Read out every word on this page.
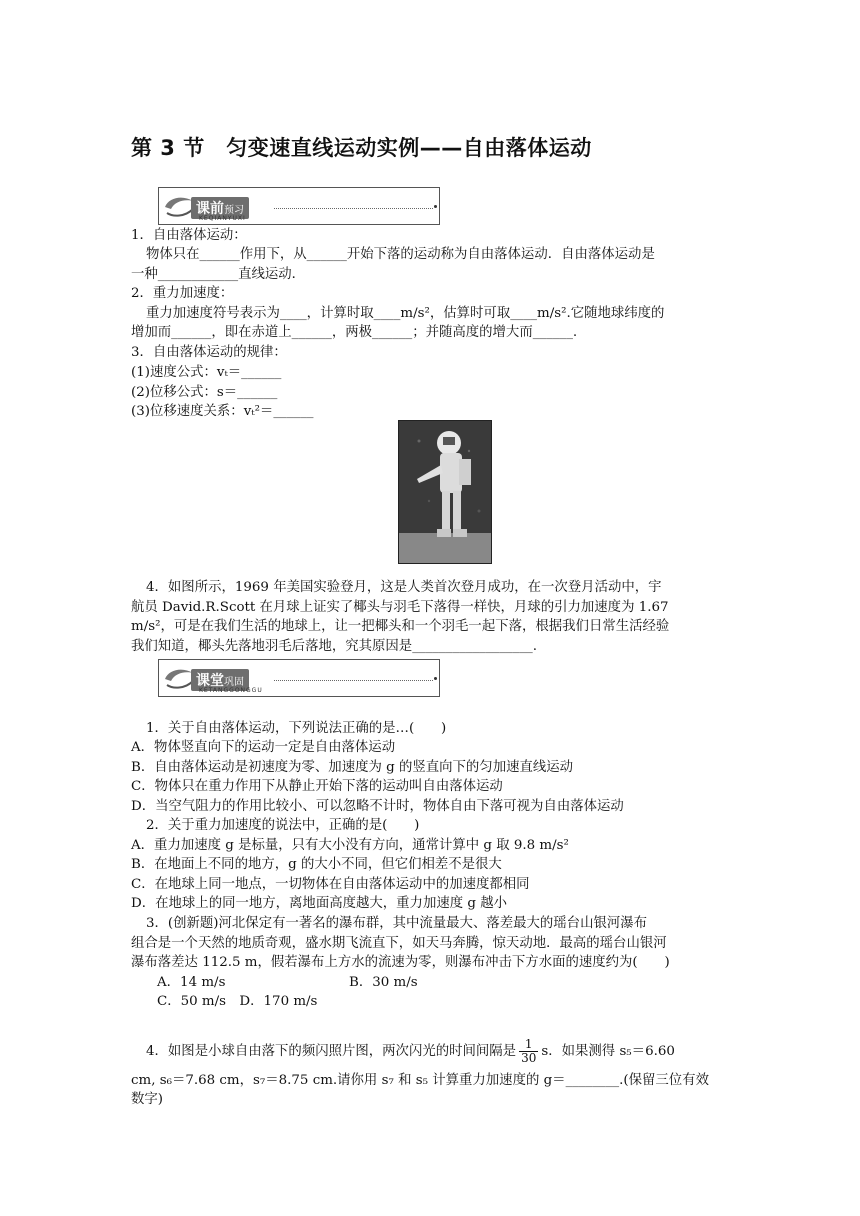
第 3 节　匀变速直线运动实例——自由落体运动
课前预习
KEQIANYUXI
1．自由落体运动：
物体只在______作用下，从______开始下落的运动称为自由落体运动．自由落体运动是
一种____________直线运动．
2．重力加速度：
重力加速度符号表示为____，计算时取____m/s²，估算时可取____m/s².它随地球纬度的
增加而______，即在赤道上______，两极______；并随高度的增大而______.
3．自由落体运动的规律：
(1)速度公式：vₜ＝______
(2)位移公式：s＝______
(3)位移速度关系：vₜ²＝______
4．如图所示，1969 年美国实验登月，这是人类首次登月成功，在一次登月活动中，宇
航员 David.R.Scott 在月球上证实了椰头与羽毛下落得一样快，月球的引力加速度为 1.67
m/s²，可是在我们生活的地球上，让一把椰头和一个羽毛一起下落，根据我们日常生活经验
我们知道，椰头先落地羽毛后落地，究其原因是__________________.
课堂巩固
KETANGGONGGU
1．关于自由落体运动，下列说法正确的是…(　　)
A．物体竖直向下的运动一定是自由落体运动
B．自由落体运动是初速度为零、加速度为 g 的竖直向下的匀加速直线运动
C．物体只在重力作用下从静止开始下落的运动叫自由落体运动
D．当空气阻力的作用比较小、可以忽略不计时，物体自由下落可视为自由落体运动
2．关于重力加速度的说法中，正确的是(　　)
A．重力加速度 g 是标量，只有大小没有方向，通常计算中 g 取 9.8 m/s²
B．在地面上不同的地方，g 的大小不同，但它们相差不是很大
C．在地球上同一地点，一切物体在自由落体运动中的加速度都相同
D．在地球上的同一地方，离地面高度越大，重力加速度 g 越小
3．(创新题)河北保定有一著名的瀑布群，其中流量最大、落差最大的瑶台山银河瀑布
组合是一个天然的地质奇观，盛水期飞流直下，如天马奔腾，惊天动地．最高的瑶台山银河
瀑布落差达 112.5 m，假若瀑布上方水的流速为零，则瀑布冲击下方水面的速度约为(　　)
A．14 m/s	B．30 m/s
C．50 m/s　D．170 m/s
4．如图是小球自由落下的频闪照片图，两次闪光的时间间隔是 $\frac{1}{30}$ s．如果测得 s₅＝6.60
cm, s₆＝7.68 cm，s₇＝8.75 cm.请你用 s₇ 和 s₅ 计算重力加速度的 g＝________.(保留三位有效
数字)
